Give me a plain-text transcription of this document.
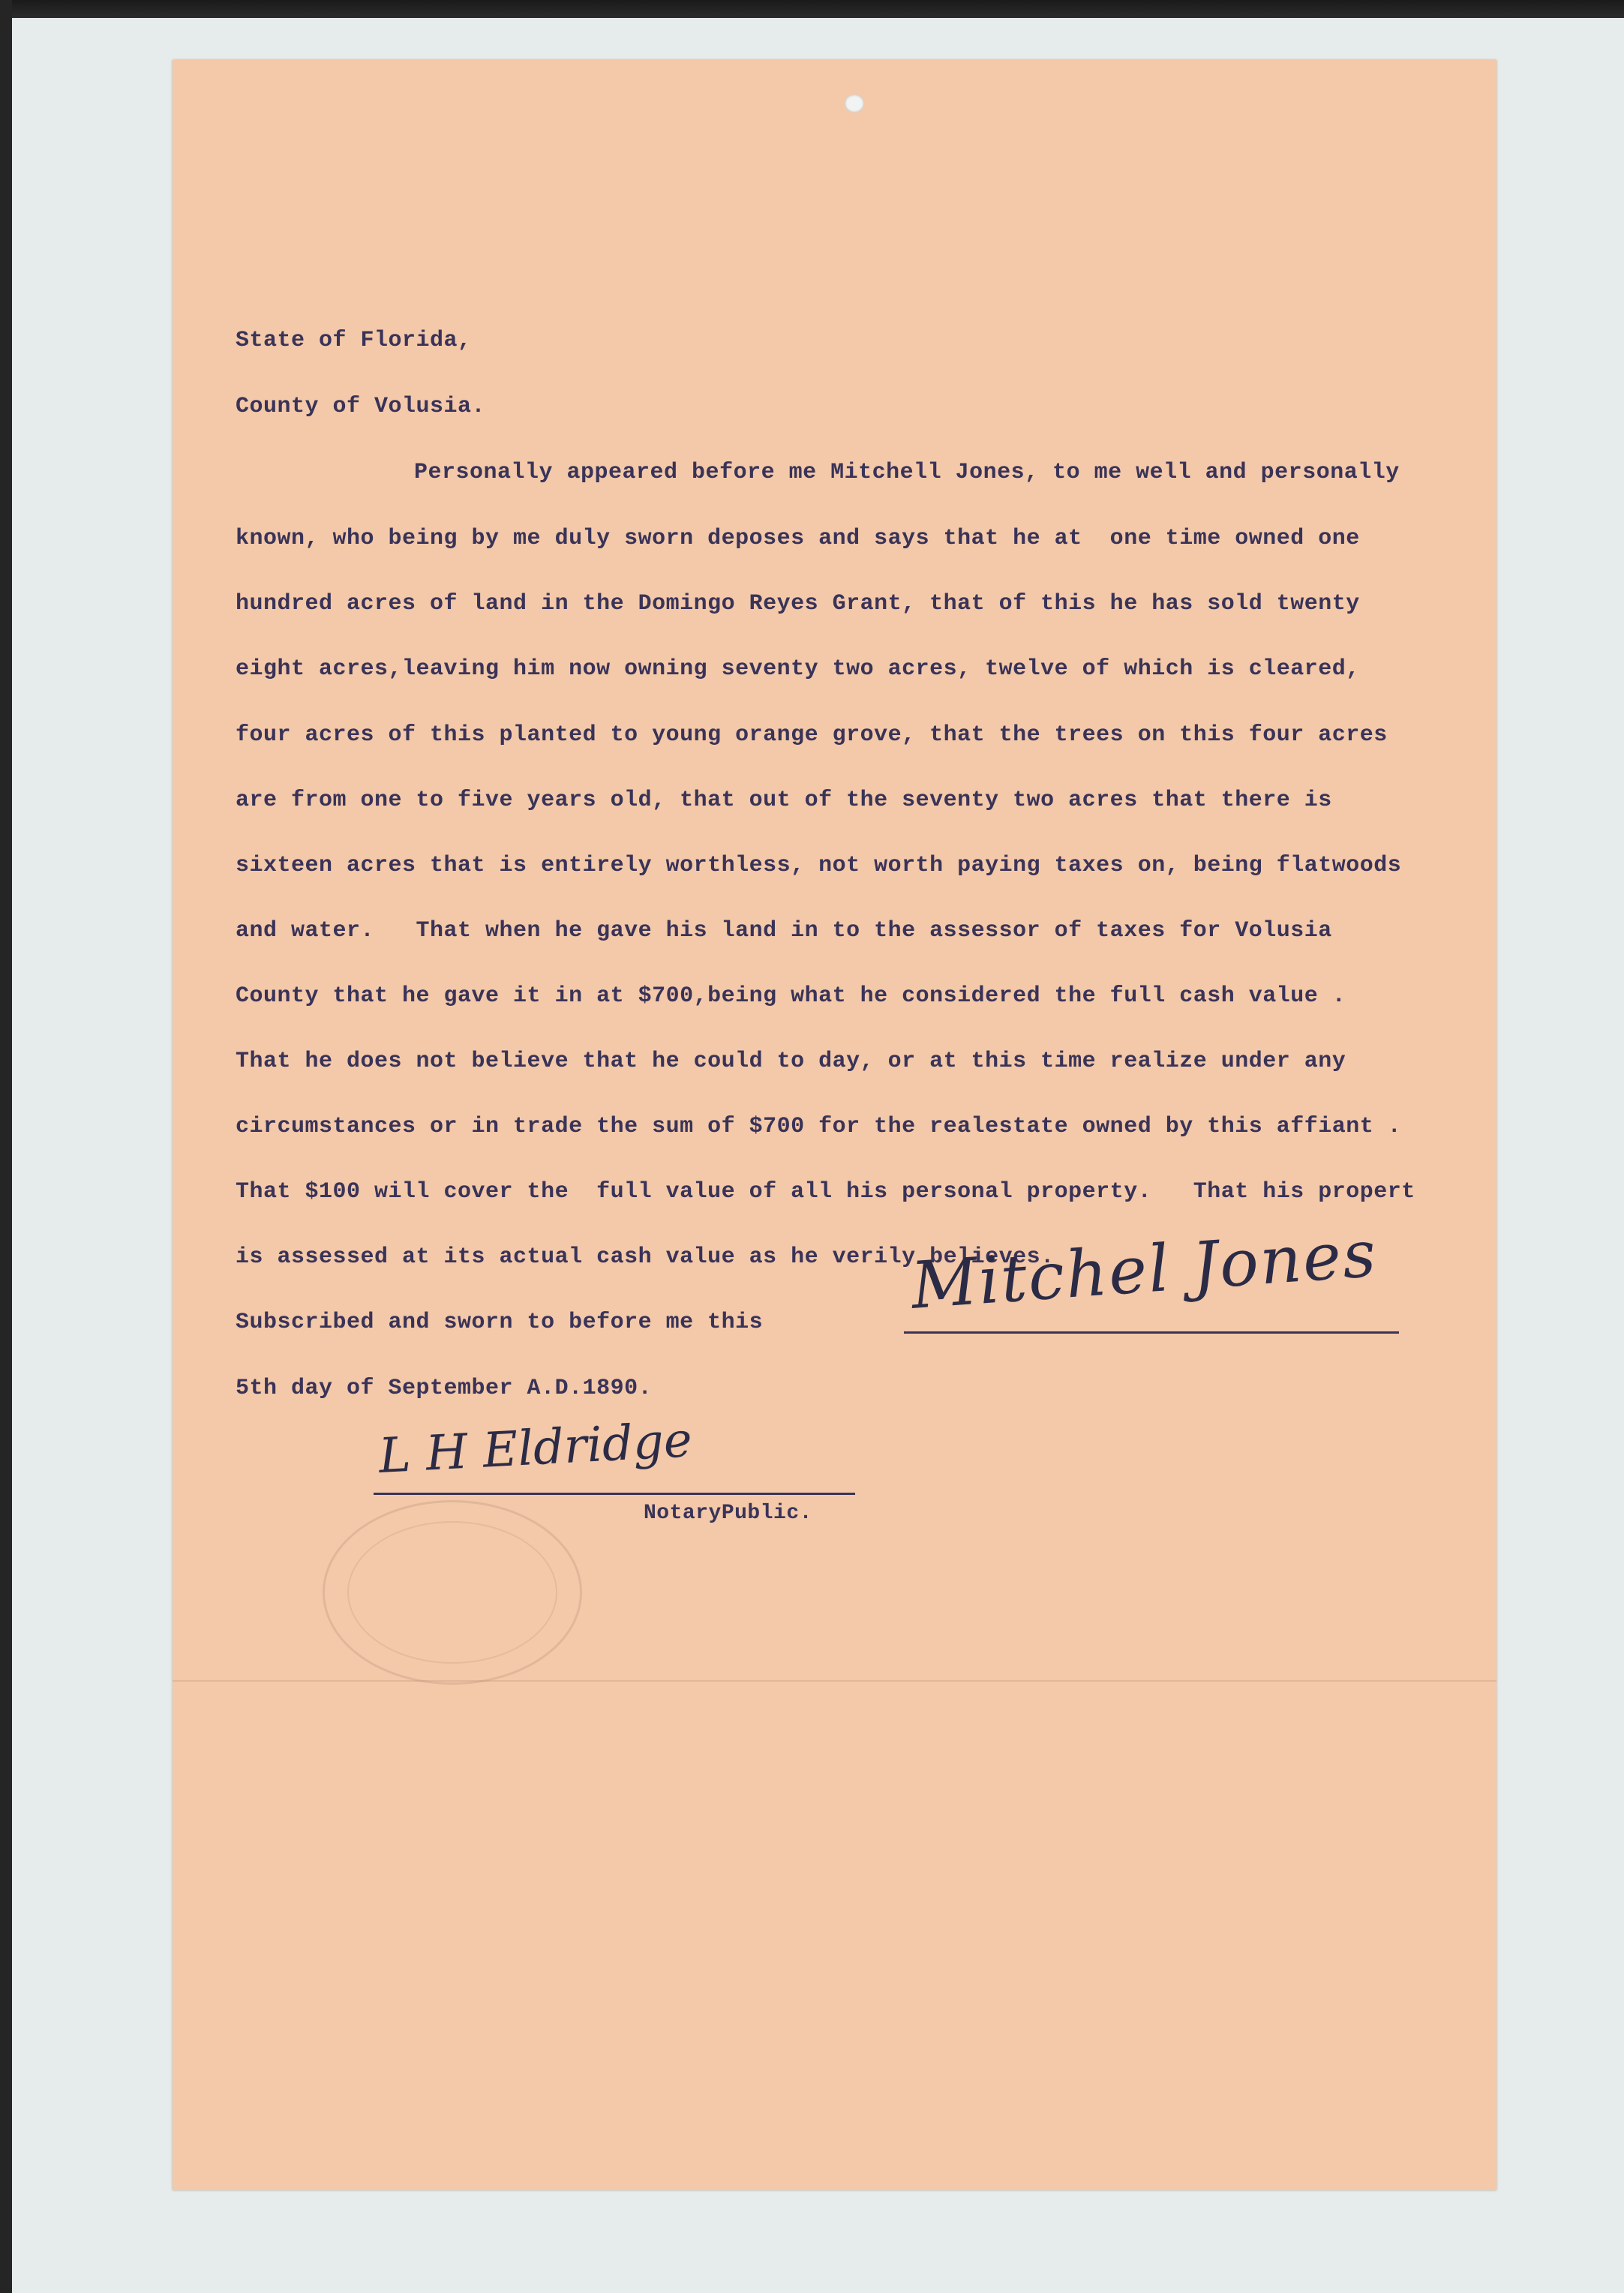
State of Florida,
County of Volusia.
Personally appeared before me Mitchell Jones, to me well and personally
known, who being by me duly sworn deposes and says that he at  one time owned one
hundred acres of land in the Domingo Reyes Grant, that of this he has sold twenty
eight acres,leaving him now owning seventy two acres, twelve of which is cleared,
four acres of this planted to young orange grove, that the trees on this four acres
are from one to five years old, that out of the seventy two acres that there is
sixteen acres that is entirely worthless, not worth paying taxes on, being flatwoods
and water.   That when he gave his land in to the assessor of taxes for Volusia
County that he gave it in at $700,being what he considered the full cash value .
That he does not believe that he could to day, or at this time realize under any
circumstances or in trade the sum of $700 for the realestate owned by this affiant .
That $100 will cover the  full value of all his personal property.   That his propert
is assessed at its actual cash value as he verily believes.
Mitchel Jones
Subscribed and sworn to before me this
5th day of September A.D.1890.
L H Eldridge
NotaryPublic.
